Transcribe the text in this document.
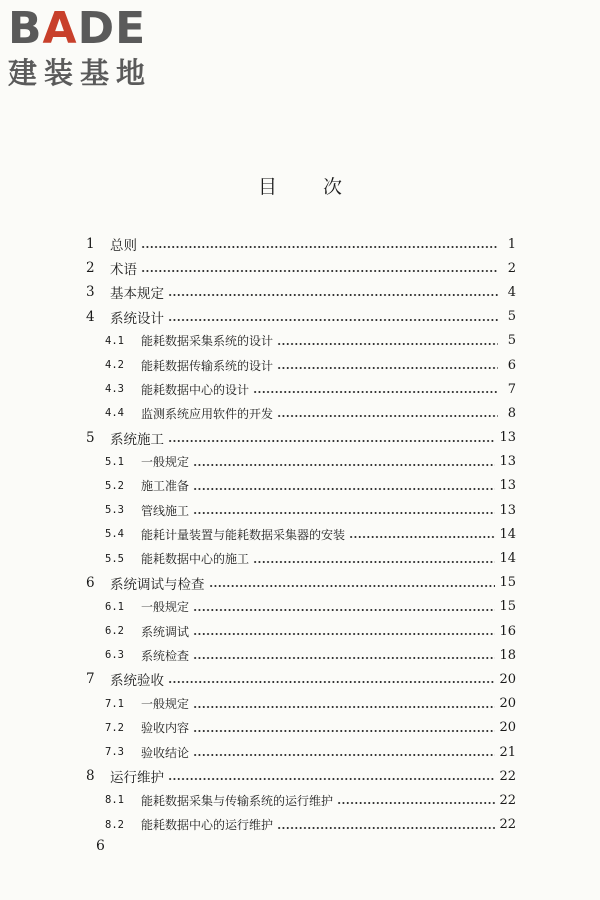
B A DE
建装基地
目次
1	总则	1
2	术语	2
3	基本规定	4
4	系统设计	5
4.1	能耗数据采集系统的设计	5
4.2	能耗数据传输系统的设计	6
4.3	能耗数据中心的设计	7
4.4	监测系统应用软件的开发	8
5	系统施工	13
5.1	一般规定	13
5.2	施工准备	13
5.3	管线施工	13
5.4	能耗计量装置与能耗数据采集器的安装	14
5.5	能耗数据中心的施工	14
6	系统调试与检查	15
6.1	一般规定	15
6.2	系统调试	16
6.3	系统检查	18
7	系统验收	20
7.1	一般规定	20
7.2	验收内容	20
7.3	验收结论	21
8	运行维护	22
8.1	能耗数据采集与传输系统的运行维护	22
8.2	能耗数据中心的运行维护	22
6
